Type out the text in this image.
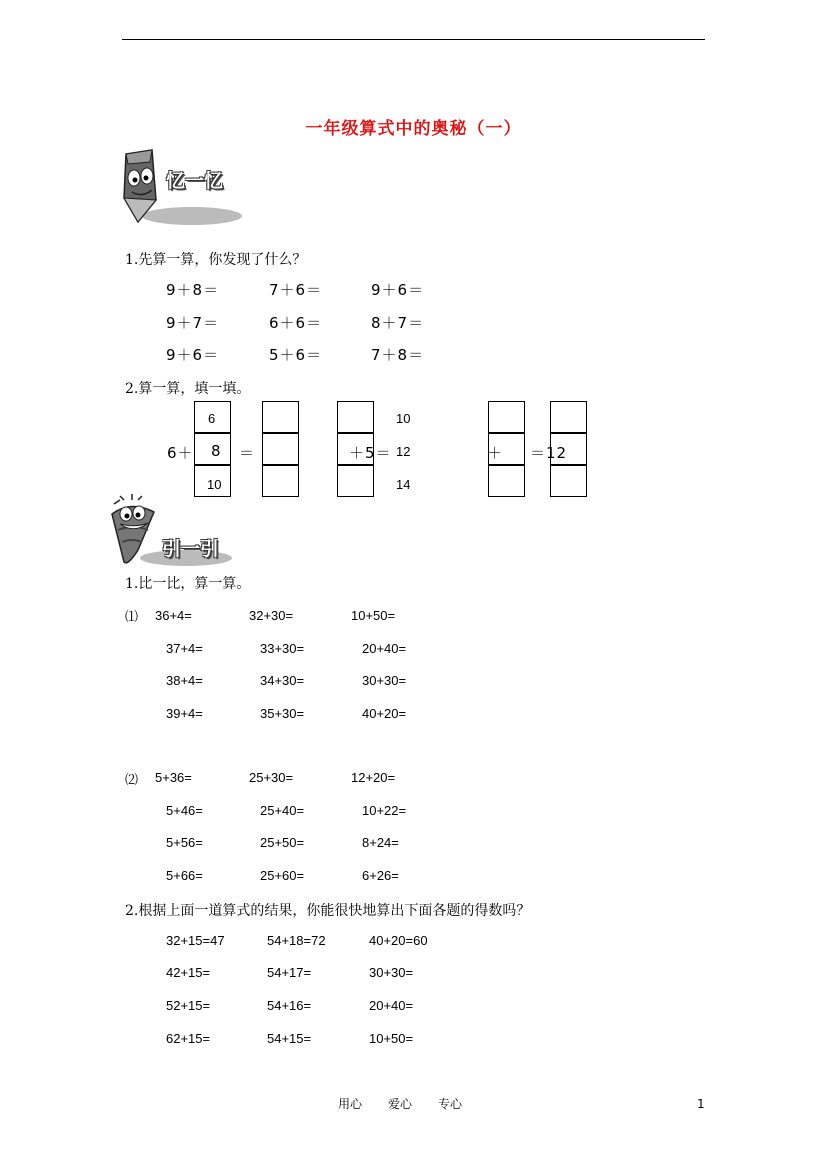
一年级算式中的奥秘（一）
忆一忆
1.先算一算，你发现了什么？
9＋8＝	7＋6＝	9＋6＝
9＋7＝	6＋6＝	8＋7＝
9＋6＝	5＋6＝	7＋8＝
2.算一算，填一填。
6＋
6
8
10
＝	＋5＝
10
12
14
＋ ＝12
引一引
1.比一比，算一算。
⑴ 36+4=	32+30=	10+50=
37+4=	33+30=	20+40=
38+4=	34+30=	30+30=
39+4=	35+30=	40+20=
⑵ 5+36=	25+30=	12+20=
5+46=	25+40=	10+22=
5+56=	25+50=	8+24=
5+66=	25+60=	6+26=
2.根据上面一道算式的结果，你能很快地算出下面各题的得数吗？
32+15=47	54+18=72	40+20=60
42+15=	54+17=	30+30=
52+15=	54+16=	20+40=
62+15=	54+15=	10+50=
用心 爱心 专心	1
